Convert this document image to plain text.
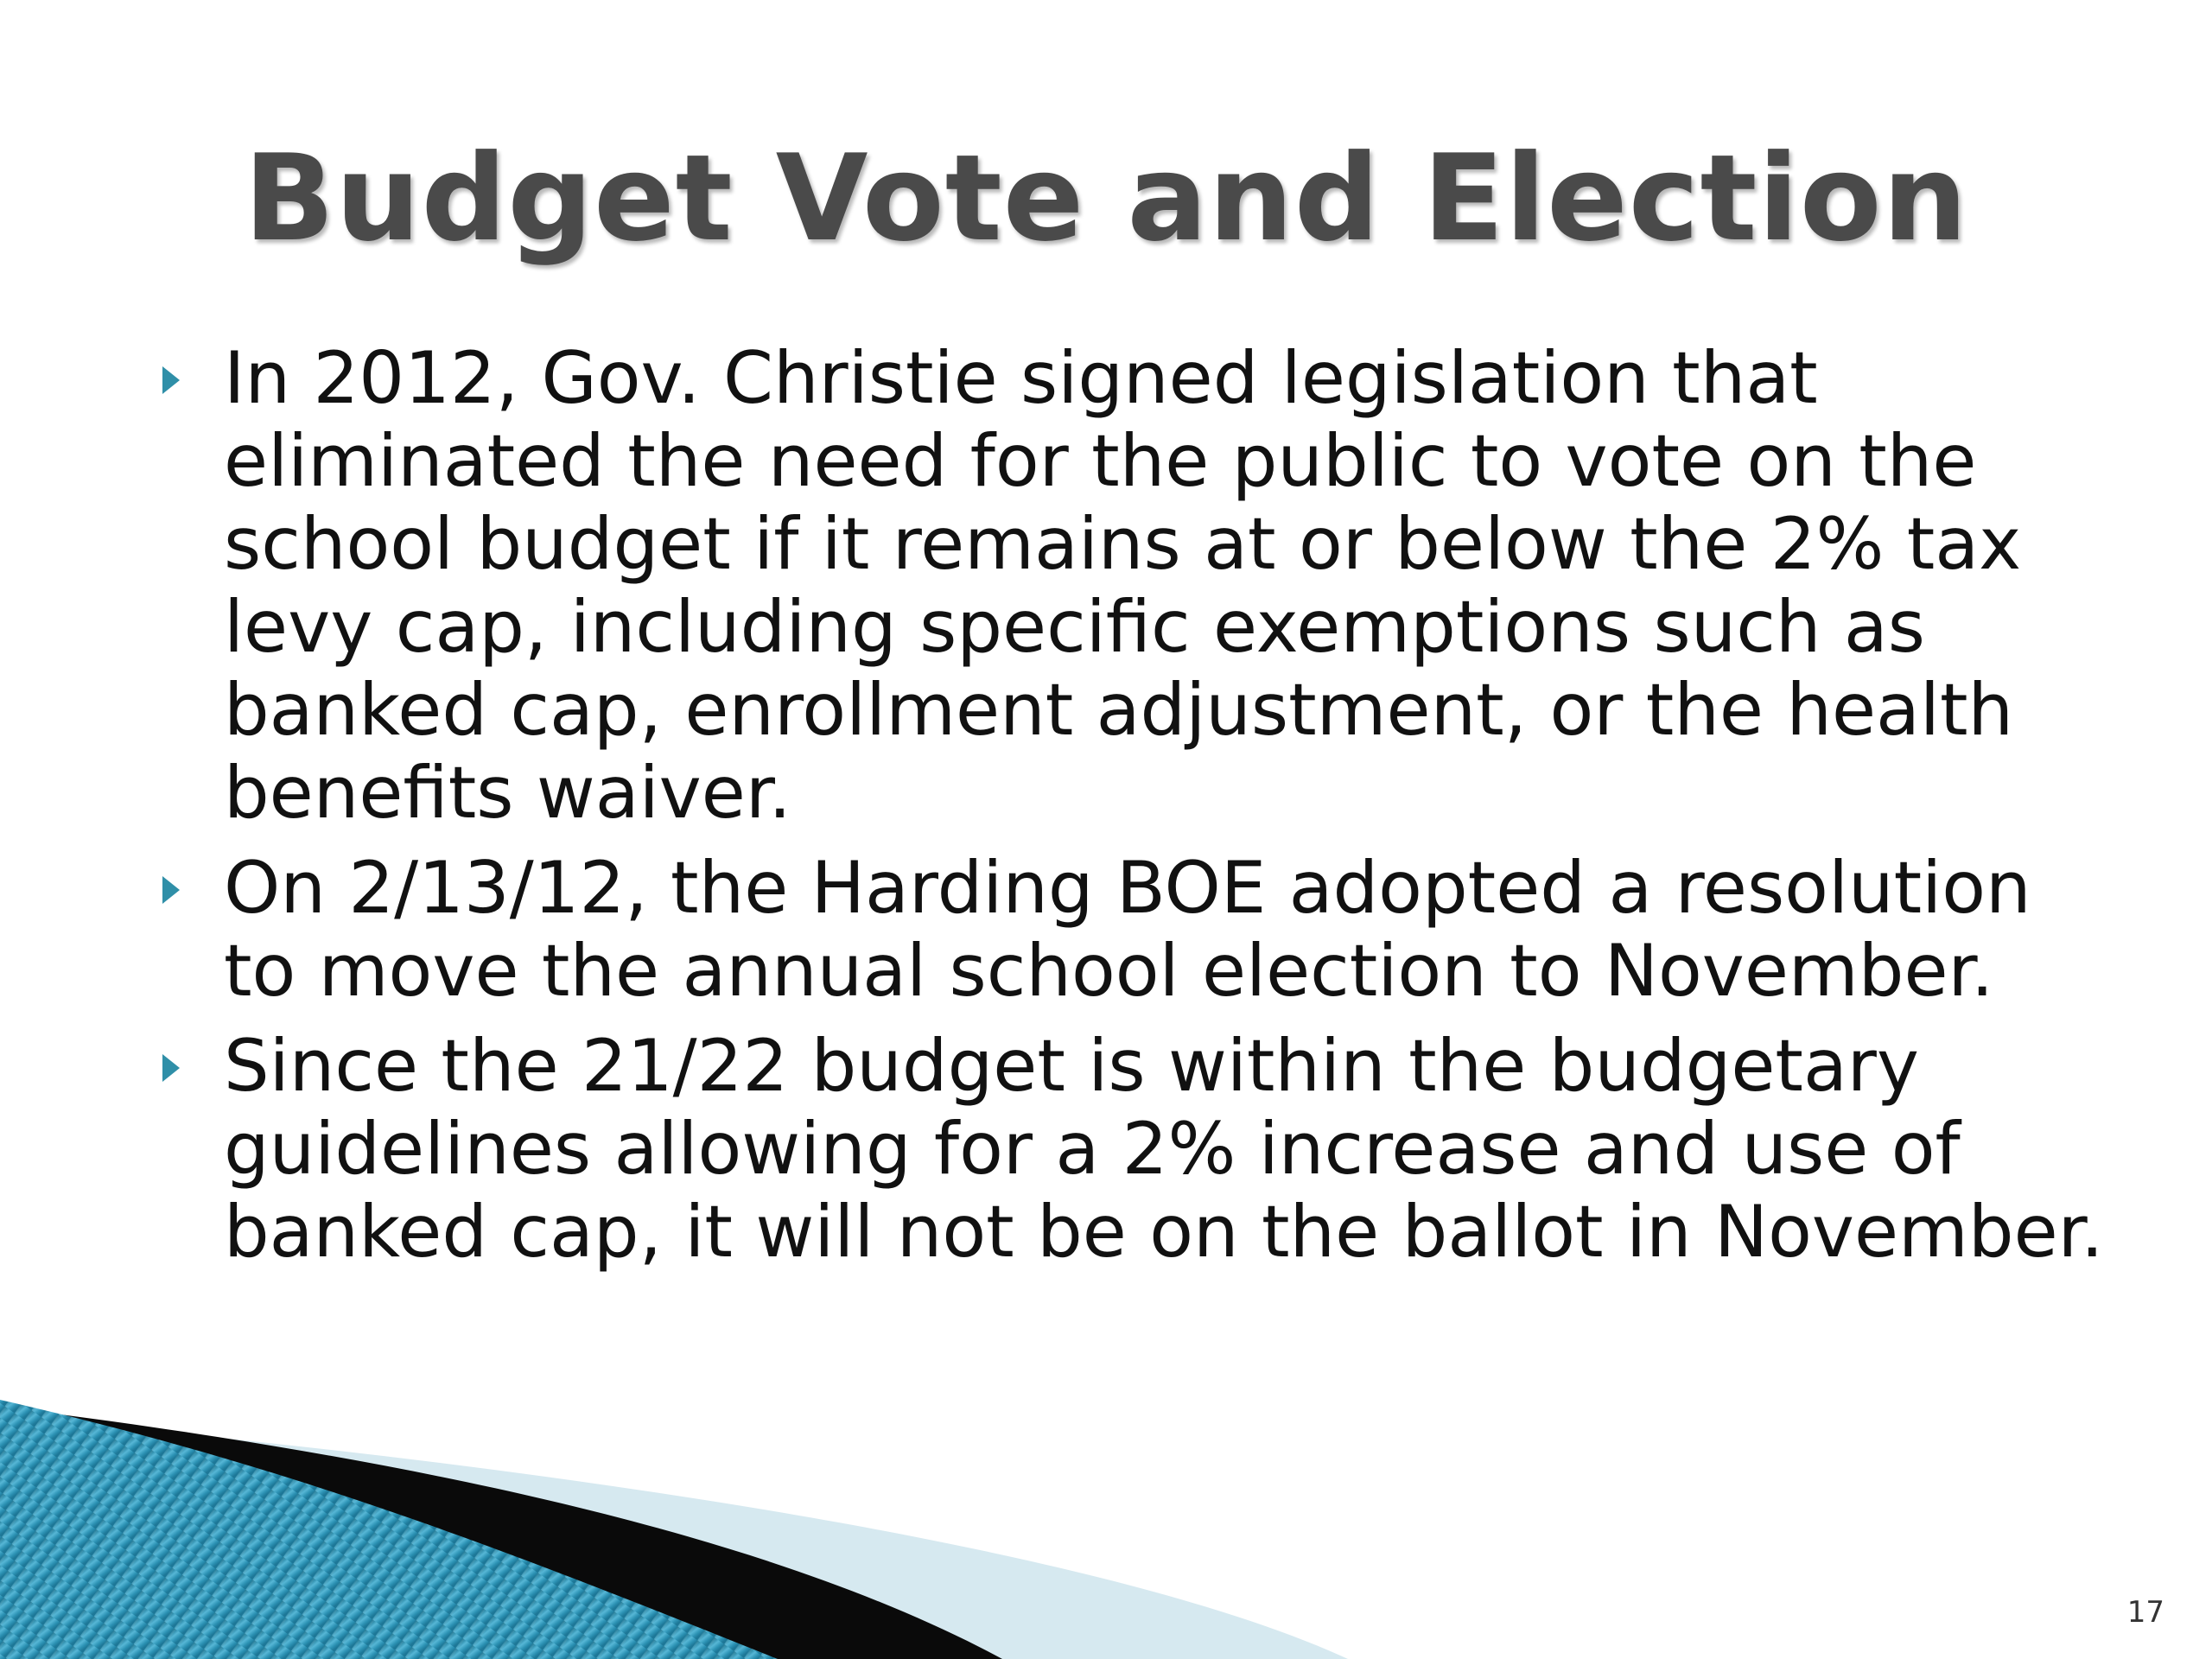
Budget Vote and Election
In 2012, Gov. Christie signed legislation that eliminated the need for the public to vote on the school budget if it remains at or below the 2% tax levy cap, including specific exemptions such as banked cap, enrollment adjustment, or the health benefits waiver.
On 2/13/12, the Harding BOE adopted a resolution to move the annual school election to November.
Since the 21/22 budget is within the budgetary guidelines allowing for a 2% increase and use of banked cap, it will not be on the ballot in November.
17
